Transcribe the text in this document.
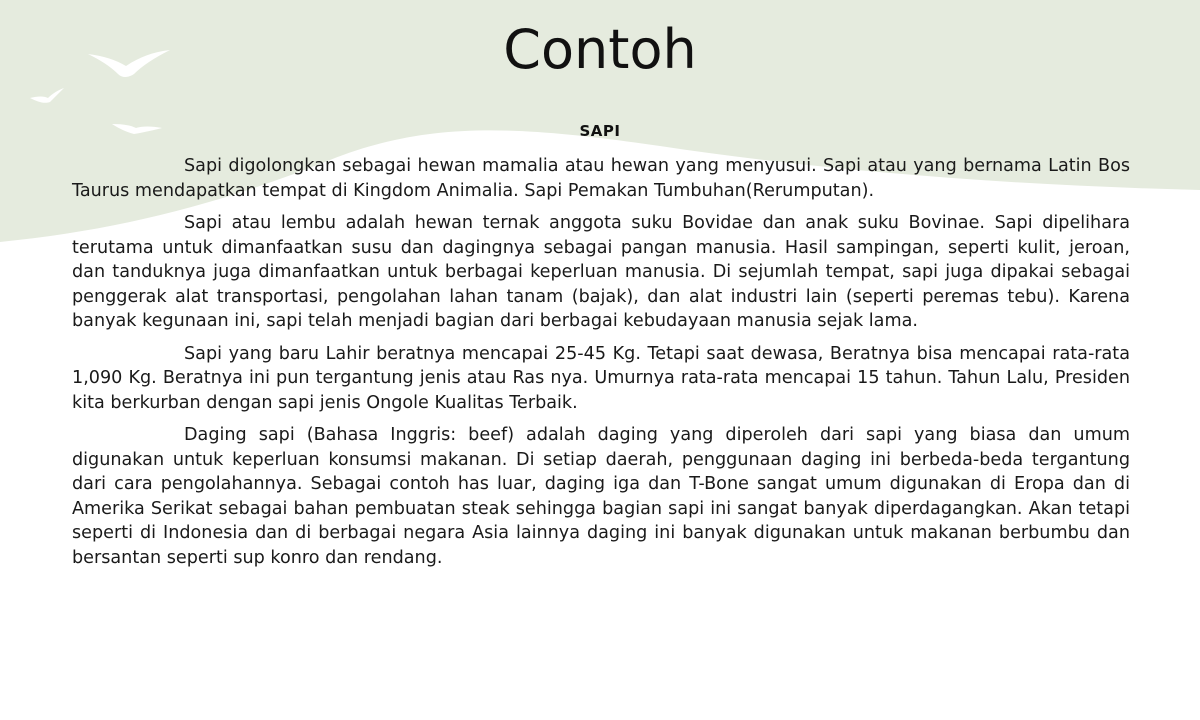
Contoh
SAPI

Sapi digolongkan sebagai hewan mamalia atau hewan yang menyusui. Sapi atau yang bernama Latin Bos Taurus mendapatkan tempat di Kingdom Animalia. Sapi Pemakan Tumbuhan(Rerumputan).

Sapi atau lembu adalah hewan ternak anggota suku Bovidae dan anak suku Bovinae. Sapi dipelihara terutama untuk dimanfaatkan susu dan dagingnya sebagai pangan manusia. Hasil sampingan, seperti kulit, jeroan, dan tanduknya juga dimanfaatkan untuk berbagai keperluan manusia. Di sejumlah tempat, sapi juga dipakai sebagai penggerak alat transportasi, pengolahan lahan tanam (bajak), dan alat industri lain (seperti peremas tebu). Karena banyak kegunaan ini, sapi telah menjadi bagian dari berbagai kebudayaan manusia sejak lama.

Sapi yang baru Lahir beratnya mencapai 25-45 Kg. Tetapi saat dewasa, Beratnya bisa mencapai rata-rata 1,090 Kg. Beratnya ini pun tergantung jenis atau Ras nya. Umurnya rata-rata mencapai 15 tahun. Tahun Lalu, Presiden kita berkurban dengan sapi jenis Ongole Kualitas Terbaik.

Daging sapi (Bahasa Inggris: beef) adalah daging yang diperoleh dari sapi yang biasa dan umum digunakan untuk keperluan konsumsi makanan. Di setiap daerah, penggunaan daging ini berbeda-beda tergantung dari cara pengolahannya. Sebagai contoh has luar, daging iga dan T-Bone sangat umum digunakan di Eropa dan di Amerika Serikat sebagai bahan pembuatan steak sehingga bagian sapi ini sangat banyak diperdagangkan. Akan tetapi seperti di Indonesia dan di berbagai negara Asia lainnya daging ini banyak digunakan untuk makanan berbumbu dan bersantan seperti sup konro dan rendang.
